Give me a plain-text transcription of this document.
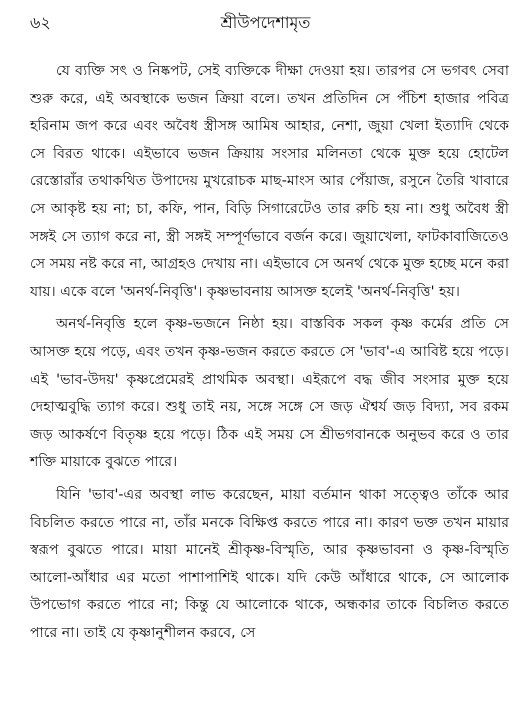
৬২	শ্রীউপদেশামৃত

যে ব্যক্তি সৎ ও নিষ্কপট, সেই ব্যক্তিকে দীক্ষা দেওয়া হয়। তারপর সে ভগবৎ সেবা শুরু করে, এই অবস্থাকে ভজন ক্রিয়া বলে। তখন প্রতিদিন সে পঁচিশ হাজার পবিত্র হরিনাম জপ করে এবং অবৈধ স্ত্রীসঙ্গ আমিষ আহার, নেশা, জুয়া খেলা ইত্যাদি থেকে সে বিরত থাকে। এইভাবে ভজন ক্রিয়ায় সংসার মলিনতা থেকে মুক্ত হয়ে হোটেল রেস্তোরাঁর তথাকথিত উপাদেয় মুখরোচক মাছ-মাংস আর পেঁয়াজ, রসুনে তৈরি খাবারে সে আকৃষ্ট হয় না; চা, কফি, পান, বিড়ি সিগারেটেও তার রুচি হয় না। শুধু অবৈধ স্ত্রী সঙ্গই সে ত্যাগ করে না, স্ত্রী সঙ্গই সম্পূর্ণভাবে বর্জন করে। জুয়াখেলা, ফাটকাবাজিতেও সে সময় নষ্ট করে না, আগ্রহও দেখায় না। এইভাবে সে অনর্থ থেকে মুক্ত হচ্ছে মনে করা যায়। একে বলে 'অনর্থ-নিবৃত্তি'। কৃষ্ণভাবনায় আসক্ত হলেই 'অনর্থ-নিবৃত্তি' হয়।

অনর্থ-নিবৃত্তি হলে কৃষ্ণ-ভজনে নিষ্ঠা হয়। বাস্তবিক সকল কৃষ্ণ কর্মের প্রতি সে আসক্ত হয়ে পড়ে, এবং তখন কৃষ্ণ-ভজন করতে করতে সে 'ভাব'-এ আবিষ্ট হয়ে পড়ে। এই 'ভাব-উদয়' কৃষ্ণপ্রেমেরই প্রাথমিক অবস্থা। এইরূপে বদ্ধ জীব সংসার মুক্ত হয়ে দেহাত্মবুদ্ধি ত্যাগ করে। শুধু তাই নয়, সঙ্গে সঙ্গে সে জড় ঐশ্বর্য জড় বিদ্যা, সব রকম জড় আকর্ষণে বিতৃষ্ণ হয়ে পড়ে। ঠিক এই সময় সে শ্রীভগবানকে অনুভব করে ও তার শক্তি মায়াকে বুঝতে পারে।

যিনি 'ভাব'-এর অবস্থা লাভ করেছেন, মায়া বর্তমান থাকা সত্ত্বেও তাঁকে আর বিচলিত করতে পারে না, তাঁর মনকে বিক্ষিপ্ত করতে পারে না। কারণ ভক্ত তখন মায়ার স্বরূপ বুঝতে পারে। মায়া মানেই শ্রীকৃষ্ণ-বিস্মৃতি, আর কৃষ্ণভাবনা ও কৃষ্ণ-বিস্মৃতি আলো-আঁধার এর মতো পাশাপাশিই থাকে। যদি কেউ আঁধারে থাকে, সে আলোক উপভোগ করতে পারে না; কিন্তু যে আলোকে থাকে, অন্ধকার তাকে বিচলিত করতে পারে না। তাই যে কৃষ্ণানুশীলন করবে, সে
